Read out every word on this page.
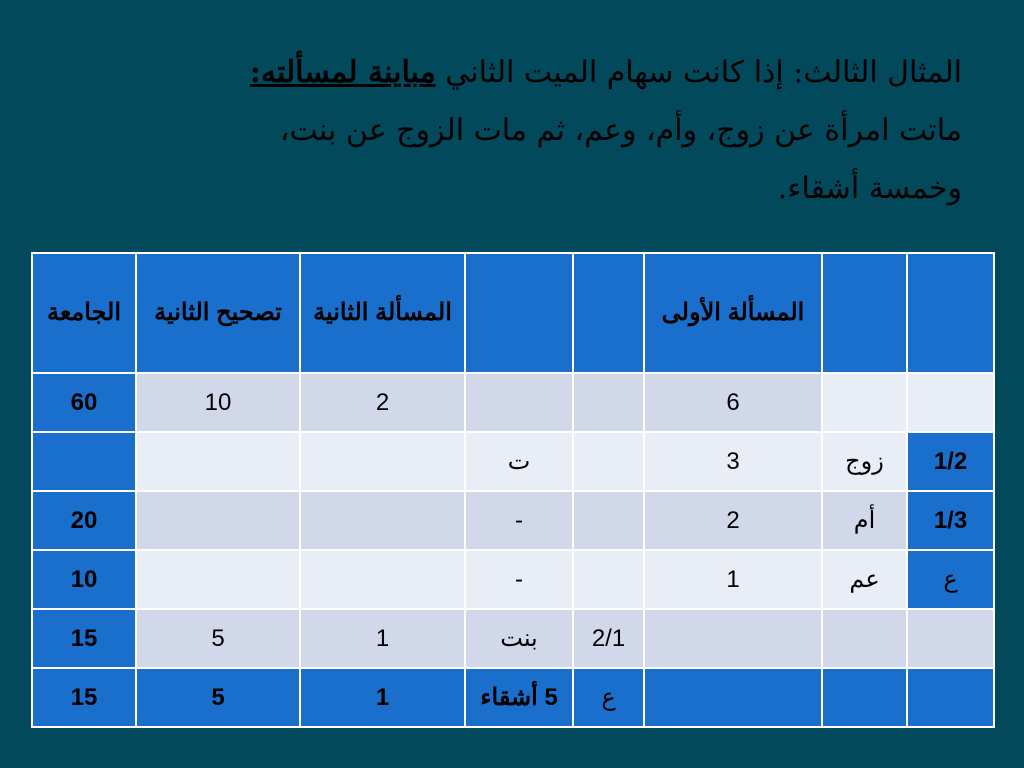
المثال الثالث: إذا كانت سهام الميت الثاني مباينة لمسألته:
ماتت امرأة عن زوج، وأم، وعم، ثم مات الزوج عن بنت،
وخمسة أشقاء.
		المسألة الأولى			المسألة الثانية	تصحيح الثانية	الجامعة
		6			2	10	60
1/2	زوج	3		ت			
1/3	أم	2		-			20
ع	عم	1		-			10
			2/1	بنت	1	5	15
			ع	5 أشقاء	1	5	15
